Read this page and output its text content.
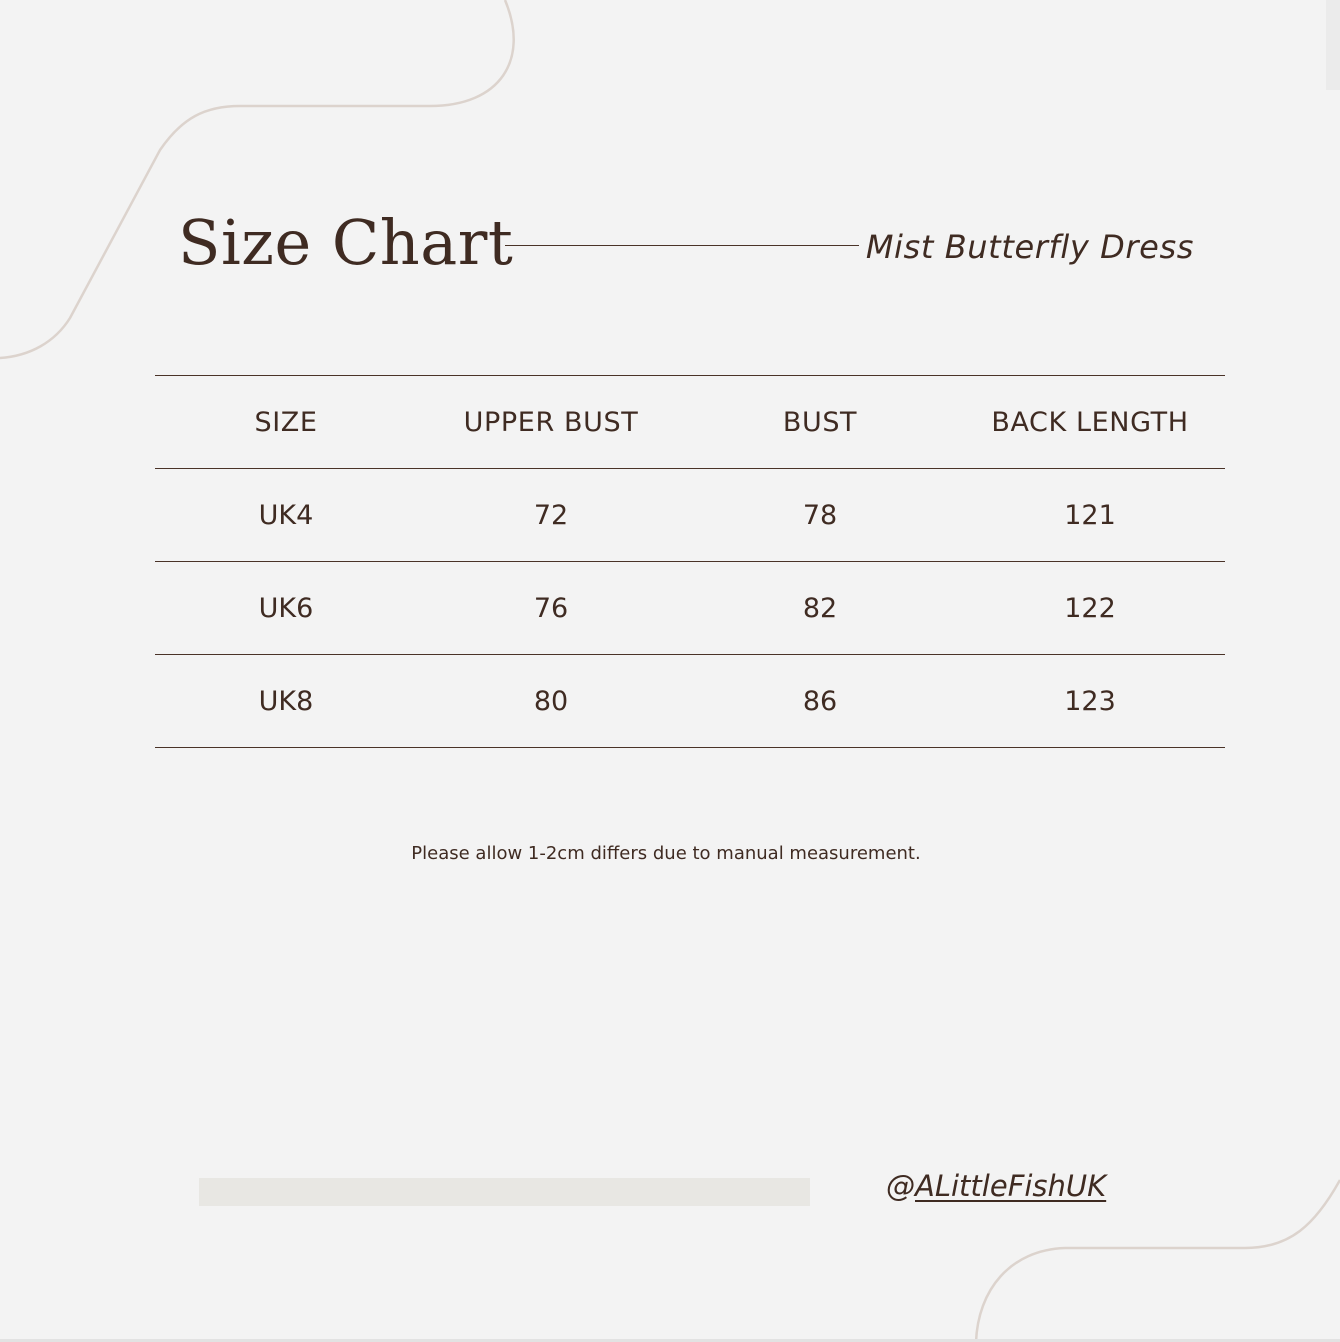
Size Chart	Mist Butterfly Dress
SIZE	UPPER BUST	BUST	BACK LENGTH
UK4	72	78	121
UK6	76	82	122
UK8	80	86	123
Please allow 1-2cm differs due to manual measurement.
@ALittleFishUK
